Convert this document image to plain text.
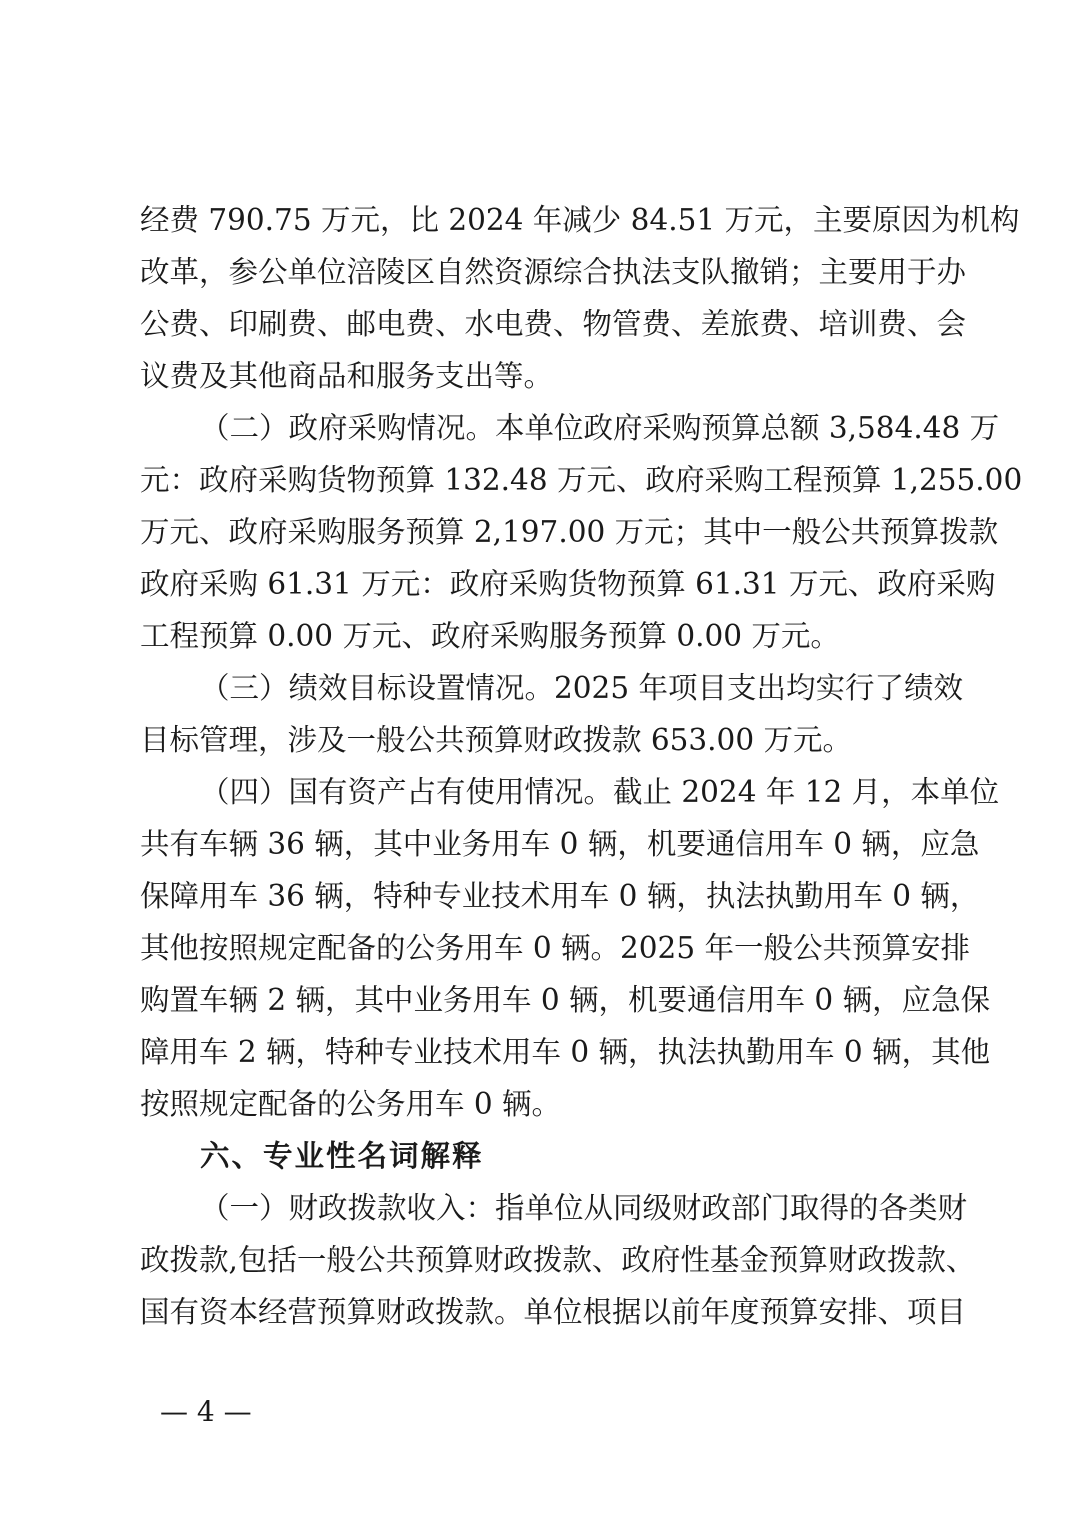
经费 790.75 万元，比 2024 年减少 84.51 万元，主要原因为机构
改革，参公单位涪陵区自然资源综合执法支队撤销；主要用于办
公费、印刷费、邮电费、水电费、物管费、差旅费、培训费、会
议费及其他商品和服务支出等。
（二）政府采购情况。本单位政府采购预算总额 3,584.48 万
元：政府采购货物预算 132.48 万元、政府采购工程预算 1,255.00
万元、政府采购服务预算 2,197.00 万元；其中一般公共预算拨款
政府采购 61.31 万元：政府采购货物预算 61.31 万元、政府采购
工程预算 0.00 万元、政府采购服务预算 0.00 万元。
（三）绩效目标设置情况。2025 年项目支出均实行了绩效
目标管理，涉及一般公共预算财政拨款 653.00 万元。
（四）国有资产占有使用情况。截止 2024 年 12 月，本单位
共有车辆 36 辆，其中业务用车 0 辆，机要通信用车 0 辆，应急
保障用车 36 辆，特种专业技术用车 0 辆，执法执勤用车 0 辆，
其他按照规定配备的公务用车 0 辆。2025 年一般公共预算安排
购置车辆 2 辆，其中业务用车 0 辆，机要通信用车 0 辆，应急保
障用车 2 辆，特种专业技术用车 0 辆，执法执勤用车 0 辆，其他
按照规定配备的公务用车 0 辆。
六、专业性名词解释
（一）财政拨款收入：指单位从同级财政部门取得的各类财
政拨款,包括一般公共预算财政拨款、政府性基金预算财政拨款、
国有资本经营预算财政拨款。单位根据以前年度预算安排、项目
— 4 —
